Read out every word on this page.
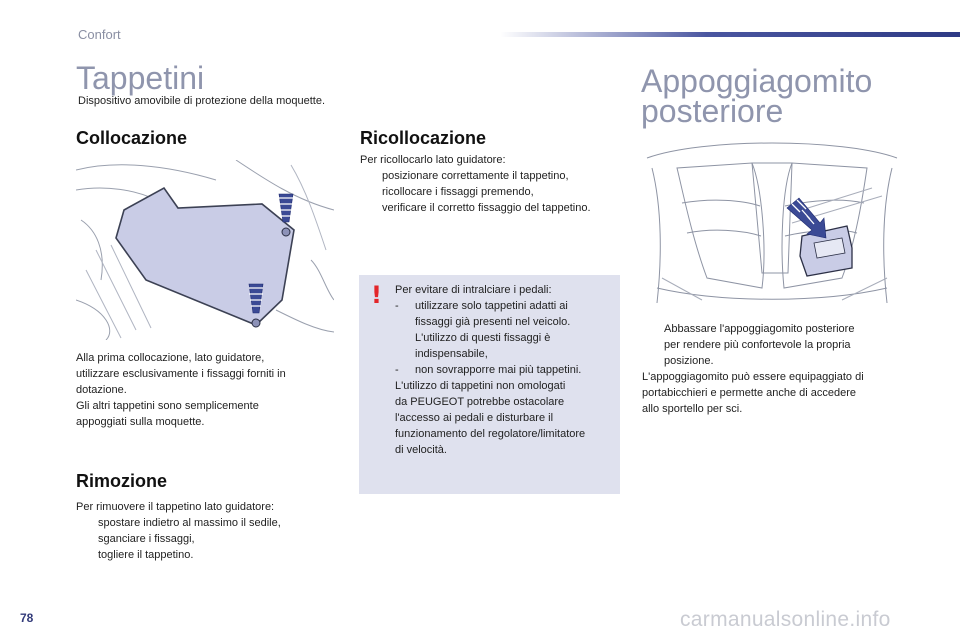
Confort
Tappetini

Dispositivo amovibile di protezione della moquette.

Collocazione
Alla prima collocazione, lato guidatore,
utilizzare esclusivamente i fissaggi forniti in
dotazione.
Gli altri tappetini sono semplicemente
appoggiati sulla moquette.
Rimozione
Per rimuovere il tappetino lato guidatore:
spostare indietro al massimo il sedile,
sganciare i fissaggi,
togliere il tappetino.
Ricollocazione
Per ricollocarlo lato guidatore:
posizionare correttamente il tappetino,
ricollocare i fissaggi premendo,
verificare il corretto fissaggio del tappetino.
! Per evitare di intralciare i pedali:
-	utilizzare solo tappetini adatti ai
fissaggi già presenti nel veicolo.
L'utilizzo di questi fissaggi è
indispensabile,
-	non sovrapporre mai più tappetini.
L'utilizzo di tappetini non omologati
da PEUGEOT potrebbe ostacolare
l'accesso ai pedali e disturbare il
funzionamento del regolatore/limitatore
di velocità.
Appoggiagomito
posteriore
Abbassare l'appoggiagomito posteriore
per rendere più confortevole la propria
posizione.
L'appoggiagomito può essere equipaggiato di
portabicchieri e permette anche di accedere
allo sportello per sci.
78	carmanualsonline.info
